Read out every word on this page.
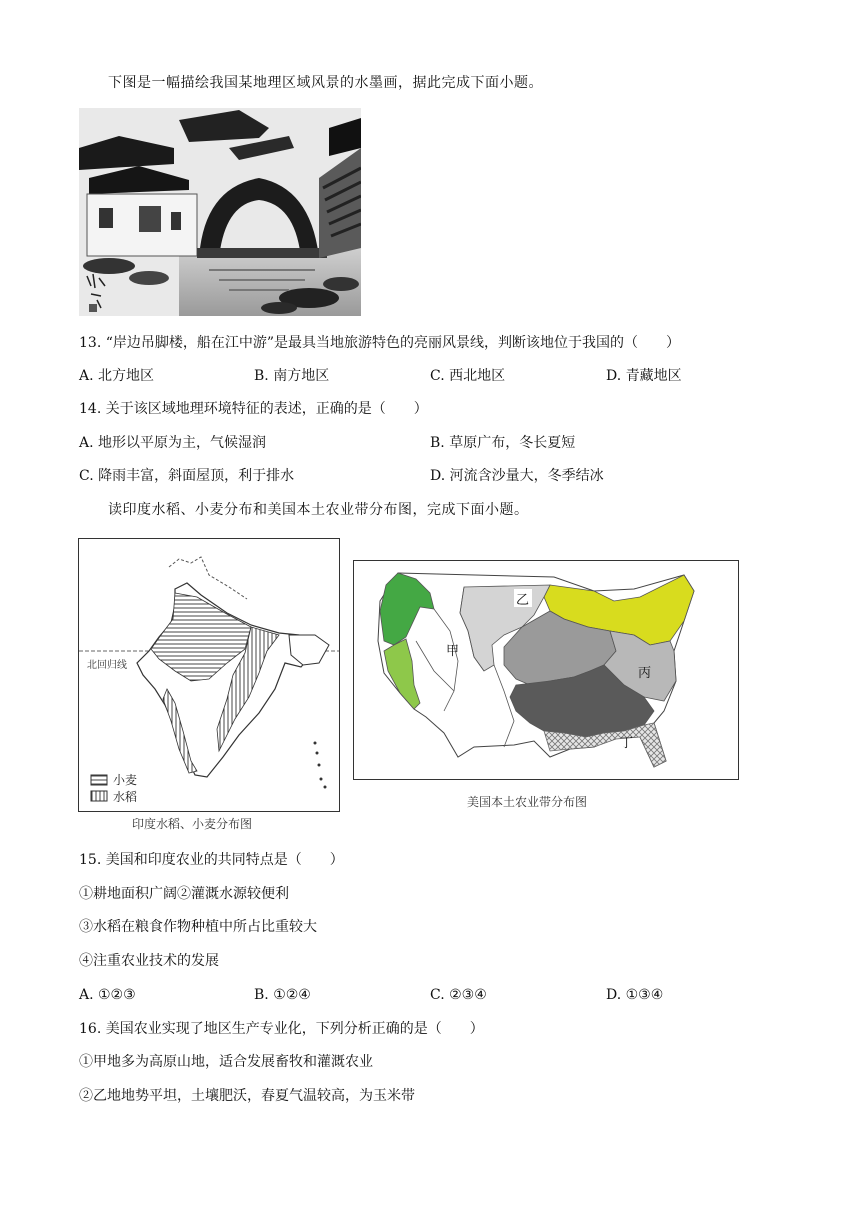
下图是一幅描绘我国某地理区域风景的水墨画，据此完成下面小题。
13. “岸边吊脚楼，船在江中游”是最具当地旅游特色的亮丽风景线，判断该地位于我国的（　　）
A. 北方地区	B. 南方地区	C. 西北地区	D. 青藏地区
14. 关于该区域地理环境特征的表述，正确的是（　　）
A. 地形以平原为主，气候湿润	B. 草原广布，冬长夏短
C. 降雨丰富，斜面屋顶，利于排水	D. 河流含沙量大，冬季结冰
读印度水稻、小麦分布和美国本土农业带分布图，完成下面小题。
北回归线
小麦
水稻
印度水稻、小麦分布图
甲
乙
丙
丁
美国本土农业带分布图
15. 美国和印度农业的共同特点是（　　）
①耕地面积广阔②灌溉水源较便利
③水稻在粮食作物种植中所占比重较大
④注重农业技术的发展
A. ①②③	B. ①②④	C. ②③④	D. ①③④
16. 美国农业实现了地区生产专业化，下列分析正确的是（　　）
①甲地多为高原山地，适合发展畜牧和灌溉农业
②乙地地势平坦，土壤肥沃，春夏气温较高，为玉米带
